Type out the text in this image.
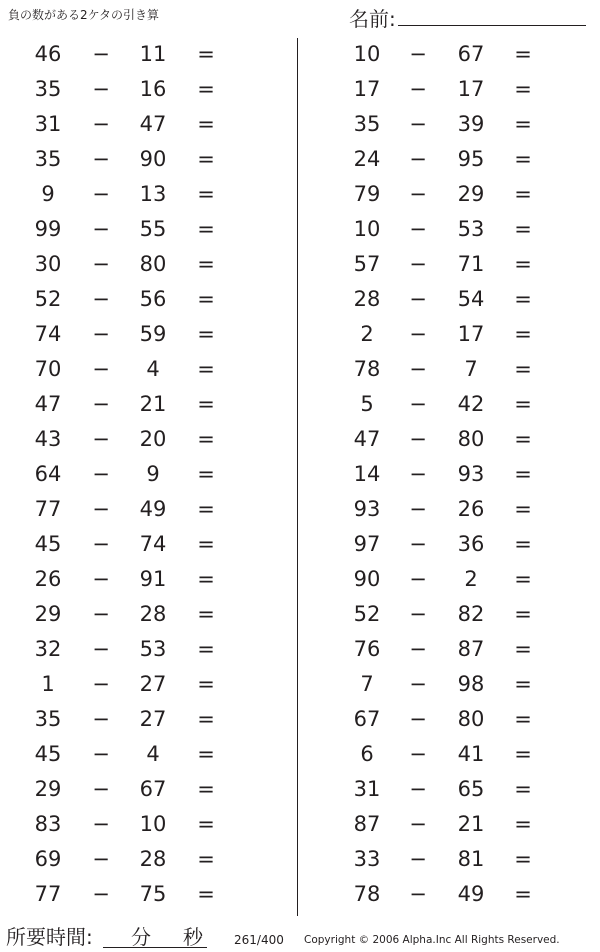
負の数がある2ケタの引き算	名前:
46	−	11	=
35	−	16	=
31	−	47	=
35	−	90	=
9	−	13	=
99	−	55	=
30	−	80	=
52	−	56	=
74	−	59	=
70	−	4	=
47	−	21	=
43	−	20	=
64	−	9	=
77	−	49	=
45	−	74	=
26	−	91	=
29	−	28	=
32	−	53	=
1	−	27	=
35	−	27	=
45	−	4	=
29	−	67	=
83	−	10	=
69	−	28	=
77	−	75	=
10	−	67	=
17	−	17	=
35	−	39	=
24	−	95	=
79	−	29	=
10	−	53	=
57	−	71	=
28	−	54	=
2	−	17	=
78	−	7	=
5	−	42	=
47	−	80	=
14	−	93	=
93	−	26	=
97	−	36	=
90	−	2	=
52	−	82	=
76	−	87	=
7	−	98	=
67	−	80	=
6	−	41	=
31	−	65	=
87	−	21	=
33	−	81	=
78	−	49	=
所要時間: 分 秒	261/400 Copyright © 2006 Alpha.Inc All Rights Reserved.
